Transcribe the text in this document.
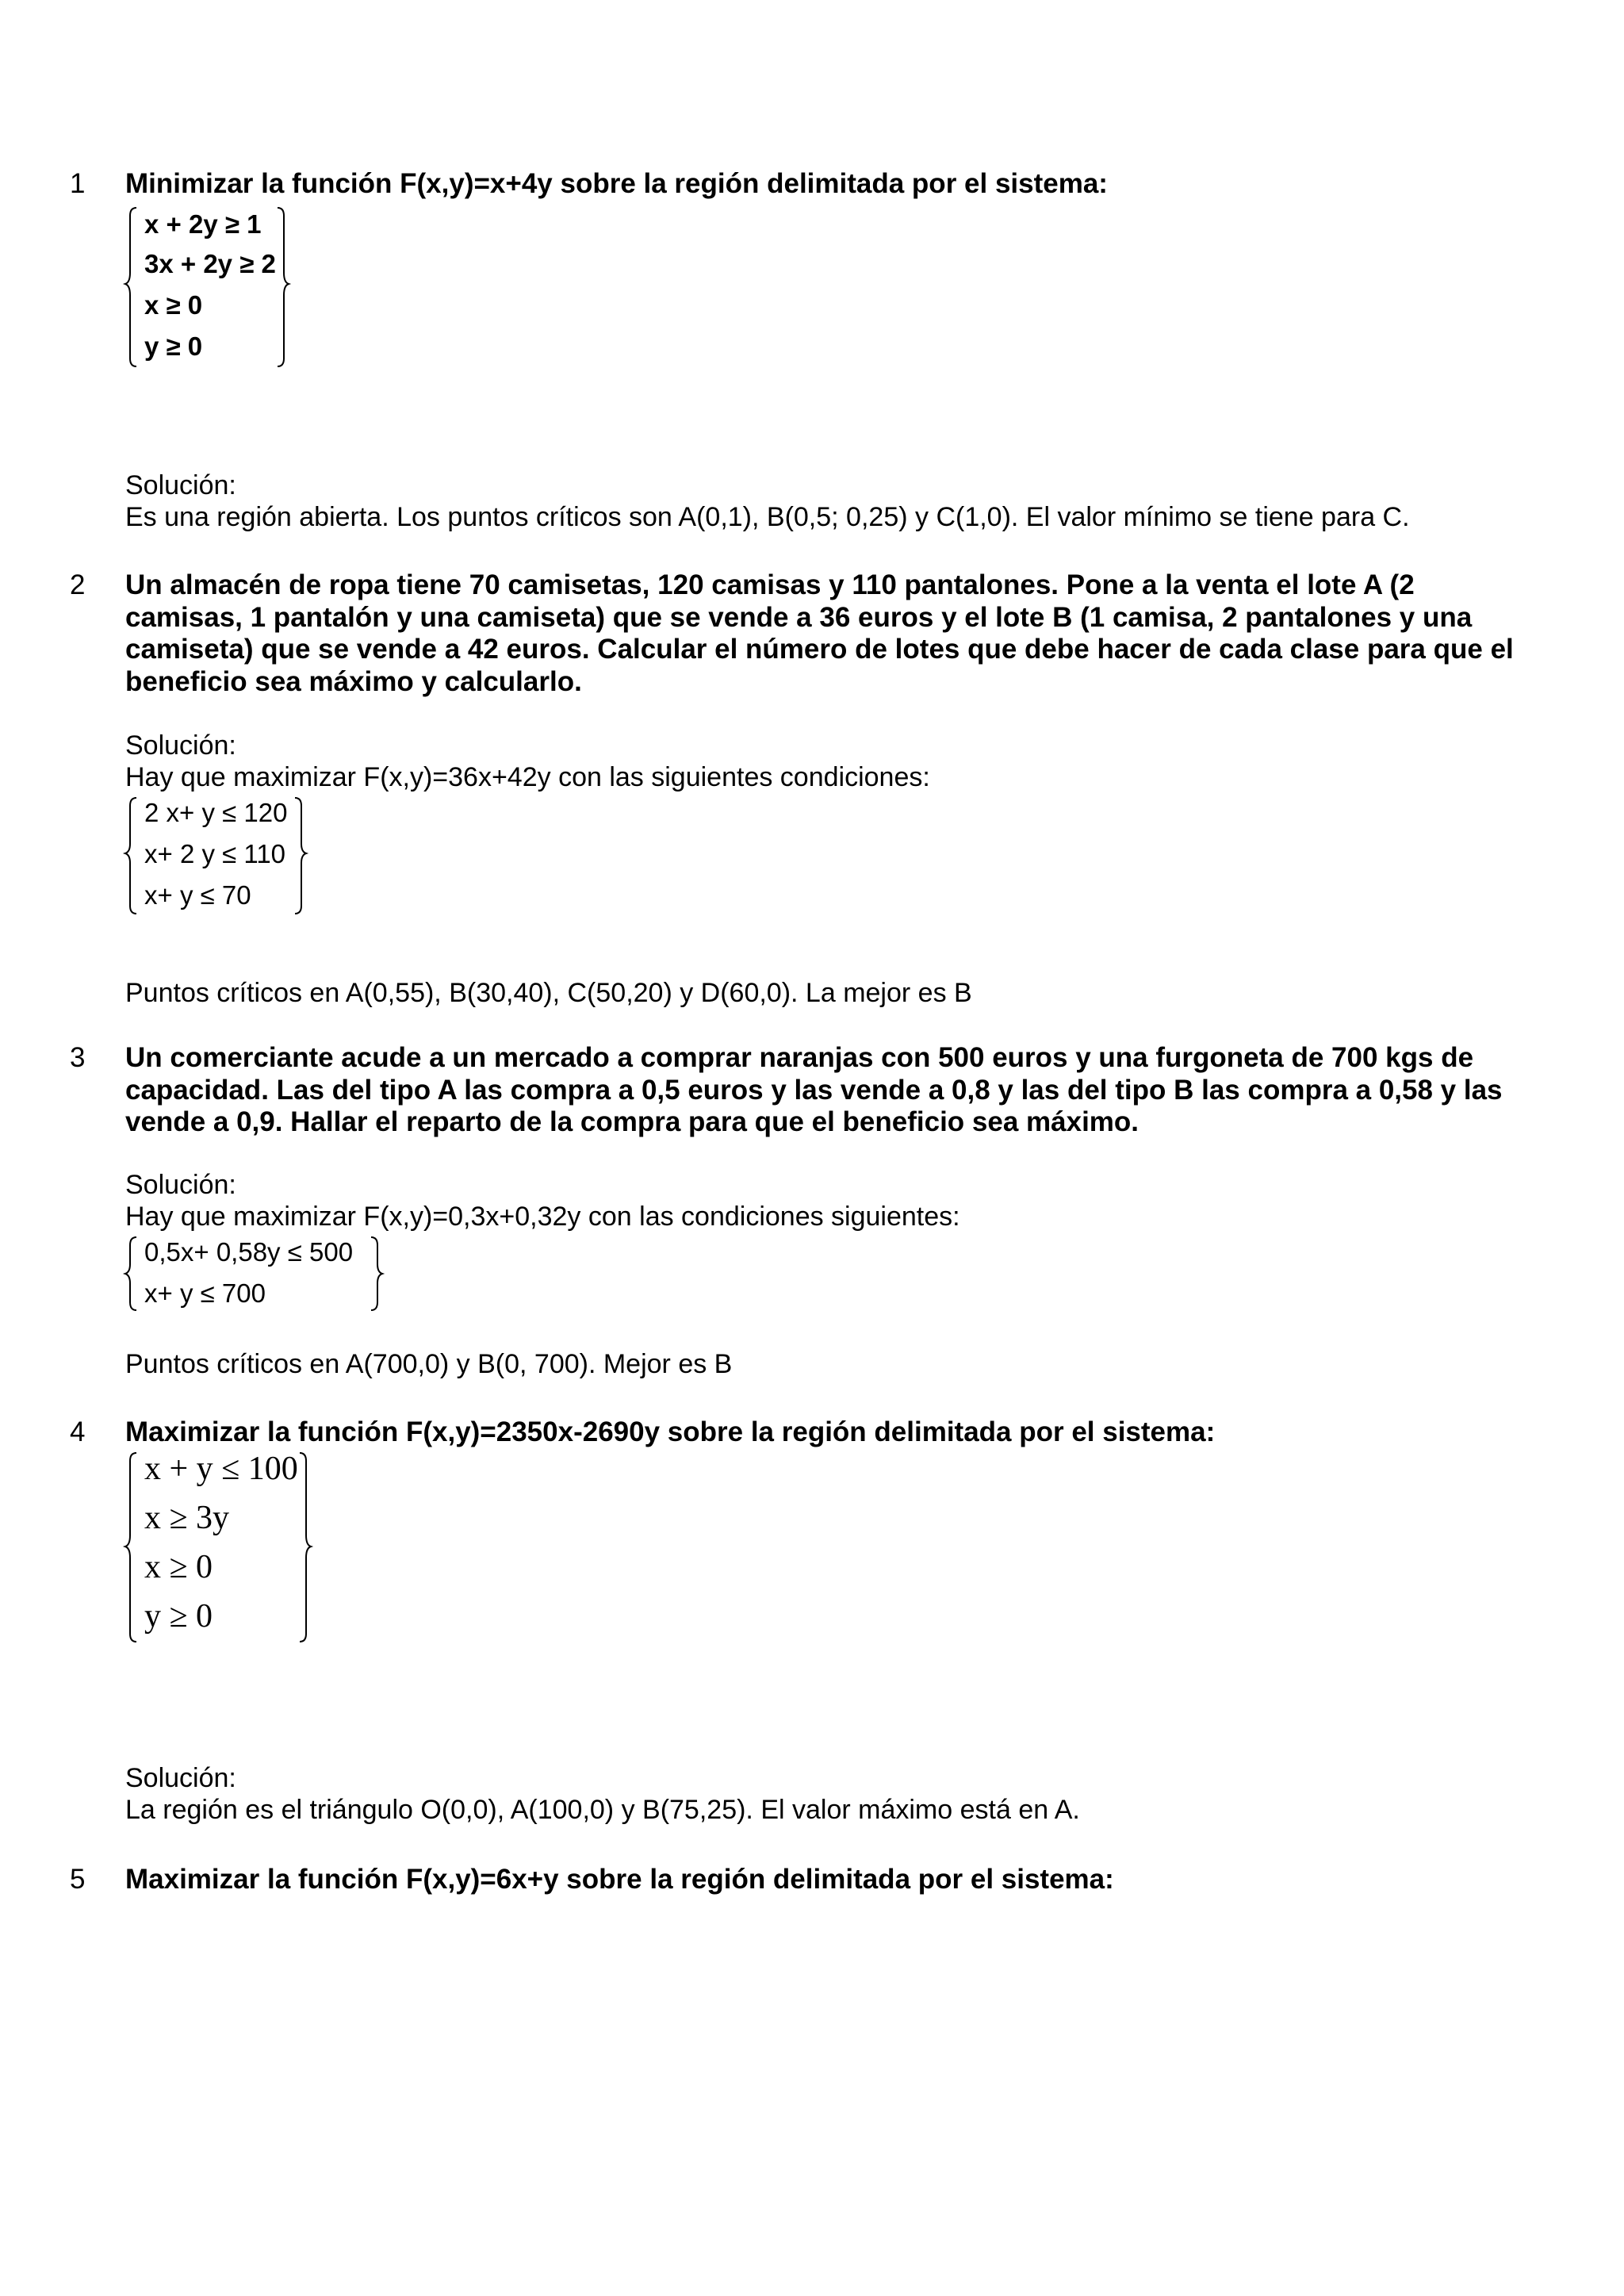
1 Minimizar la función F(x,y)=x+4y sobre la región delimitada por el sistema:

x + 2y ≥ 1
3x + 2y ≥ 2
x ≥ 0
y ≥ 0

Solución:

Es una región abierta. Los puntos críticos son A(0,1), B(0,5; 0,25) y C(1,0). El valor mínimo se tiene para C.

2 Un almacén de ropa tiene 70 camisetas, 120 camisas y 110 pantalones. Pone a la venta el lote A (2 camisas, 1 pantalón y una camiseta) que se vende a 36 euros y el lote B (1 camisa, 2 pantalones y una camiseta) que se vende a 42 euros. Calcular el número de lotes que debe hacer de cada clase para que el beneficio sea máximo y calcularlo.

Solución:

Hay que maximizar F(x,y)=36x+42y con las siguientes condiciones:

2 x+ y ≤ 120
x+ 2 y ≤ 110
x+ y ≤ 70

Puntos críticos en A(0,55), B(30,40), C(50,20) y D(60,0). La mejor es B

3 Un comerciante acude a un mercado a comprar naranjas con 500 euros y una furgoneta de 700 kgs de capacidad. Las del tipo A las compra a 0,5 euros y las vende a 0,8 y las del tipo B las compra a 0,58 y las vende a 0,9. Hallar el reparto de la compra para que el beneficio sea máximo.

Solución:

Hay que maximizar F(x,y)=0,3x+0,32y con las condiciones siguientes:

0,5x+ 0,58y ≤ 500
x+ y ≤ 700

Puntos críticos en A(700,0) y B(0, 700). Mejor es B

4 Maximizar la función F(x,y)=2350x-2690y sobre la región delimitada por el sistema:

x + y ≤ 100
x ≥ 3y
x ≥ 0
y ≥ 0

Solución:

La región es el triángulo O(0,0), A(100,0) y B(75,25). El valor máximo está en A.

5 Maximizar la función F(x,y)=6x+y sobre la región delimitada por el sistema:
